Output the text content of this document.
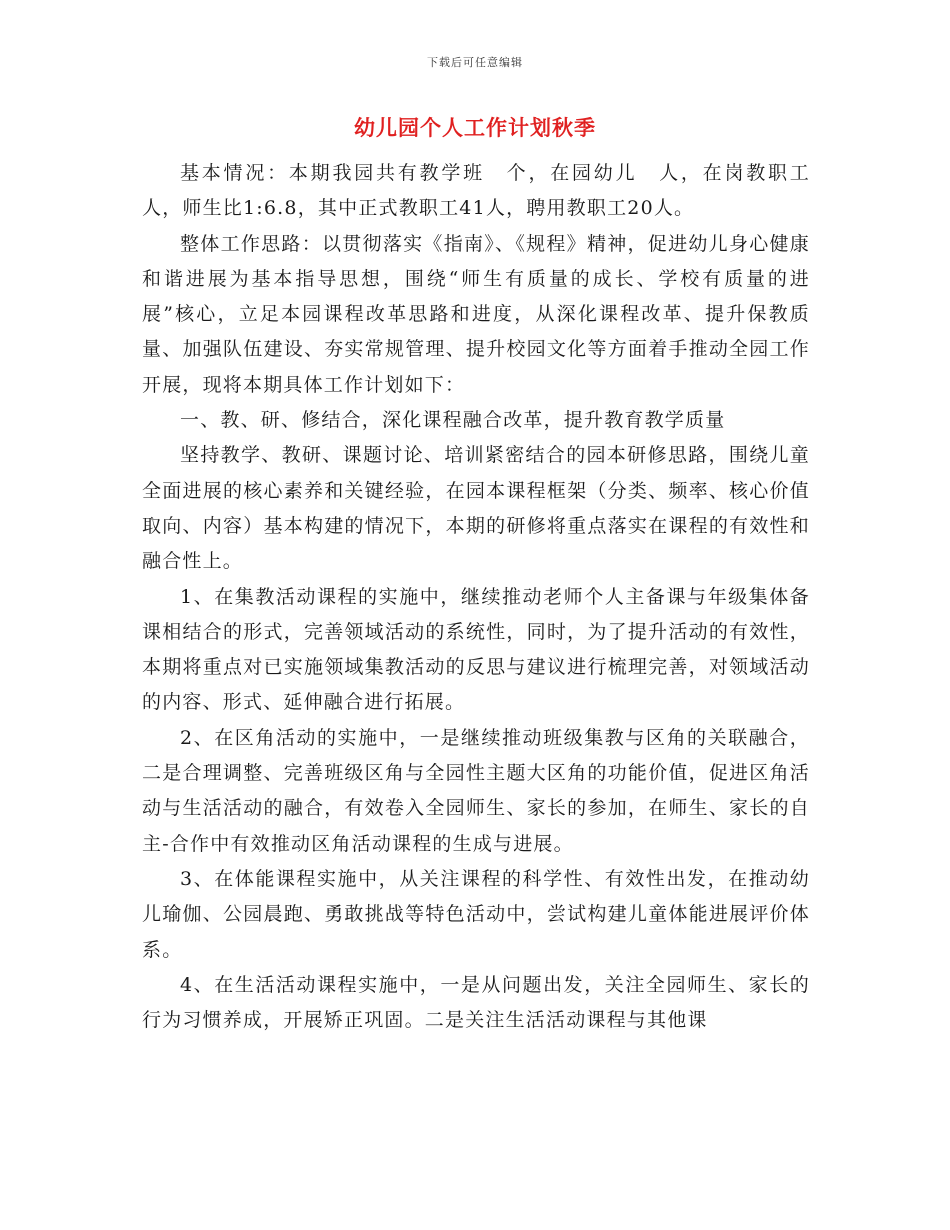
下载后可任意编辑
幼儿园个人工作计划秋季

基本情况：本期我园共有教学班　个，在园幼儿　人，在岗教职工　人，师生比1:6.8，其中正式教职工41人，聘用教职工20人。

整体工作思路：以贯彻落实《指南》、《规程》精神，促进幼儿身心健康和谐进展为基本指导思想，围绕“师生有质量的成长、学校有质量的进展”核心，立足本园课程改革思路和进度，从深化课程改革、提升保教质量、加强队伍建设、夯实常规管理、提升校园文化等方面着手推动全园工作开展，现将本期具体工作计划如下：

一、教、研、修结合，深化课程融合改革，提升教育教学质量

坚持教学、教研、课题讨论、培训紧密结合的园本研修思路，围绕儿童全面进展的核心素养和关键经验，在园本课程框架（分类、频率、核心价值取向、内容）基本构建的情况下，本期的研修将重点落实在课程的有效性和融合性上。

1、在集教活动课程的实施中，继续推动老师个人主备课与年级集体备课相结合的形式，完善领域活动的系统性，同时，为了提升活动的有效性，本期将重点对已实施领域集教活动的反思与建议进行梳理完善，对领域活动的内容、形式、延伸融合进行拓展。

2、在区角活动的实施中，一是继续推动班级集教与区角的关联融合，二是合理调整、完善班级区角与全园性主题大区角的功能价值，促进区角活动与生活活动的融合，有效卷入全园师生、家长的参加，在师生、家长的自主-合作中有效推动区角活动课程的生成与进展。

3、在体能课程实施中，从关注课程的科学性、有效性出发，在推动幼儿瑜伽、公园晨跑、勇敢挑战等特色活动中，尝试构建儿童体能进展评价体系。

4、在生活活动课程实施中，一是从问题出发，关注全园师生、家长的行为习惯养成，开展矫正巩固。二是关注生活活动课程与其他课
